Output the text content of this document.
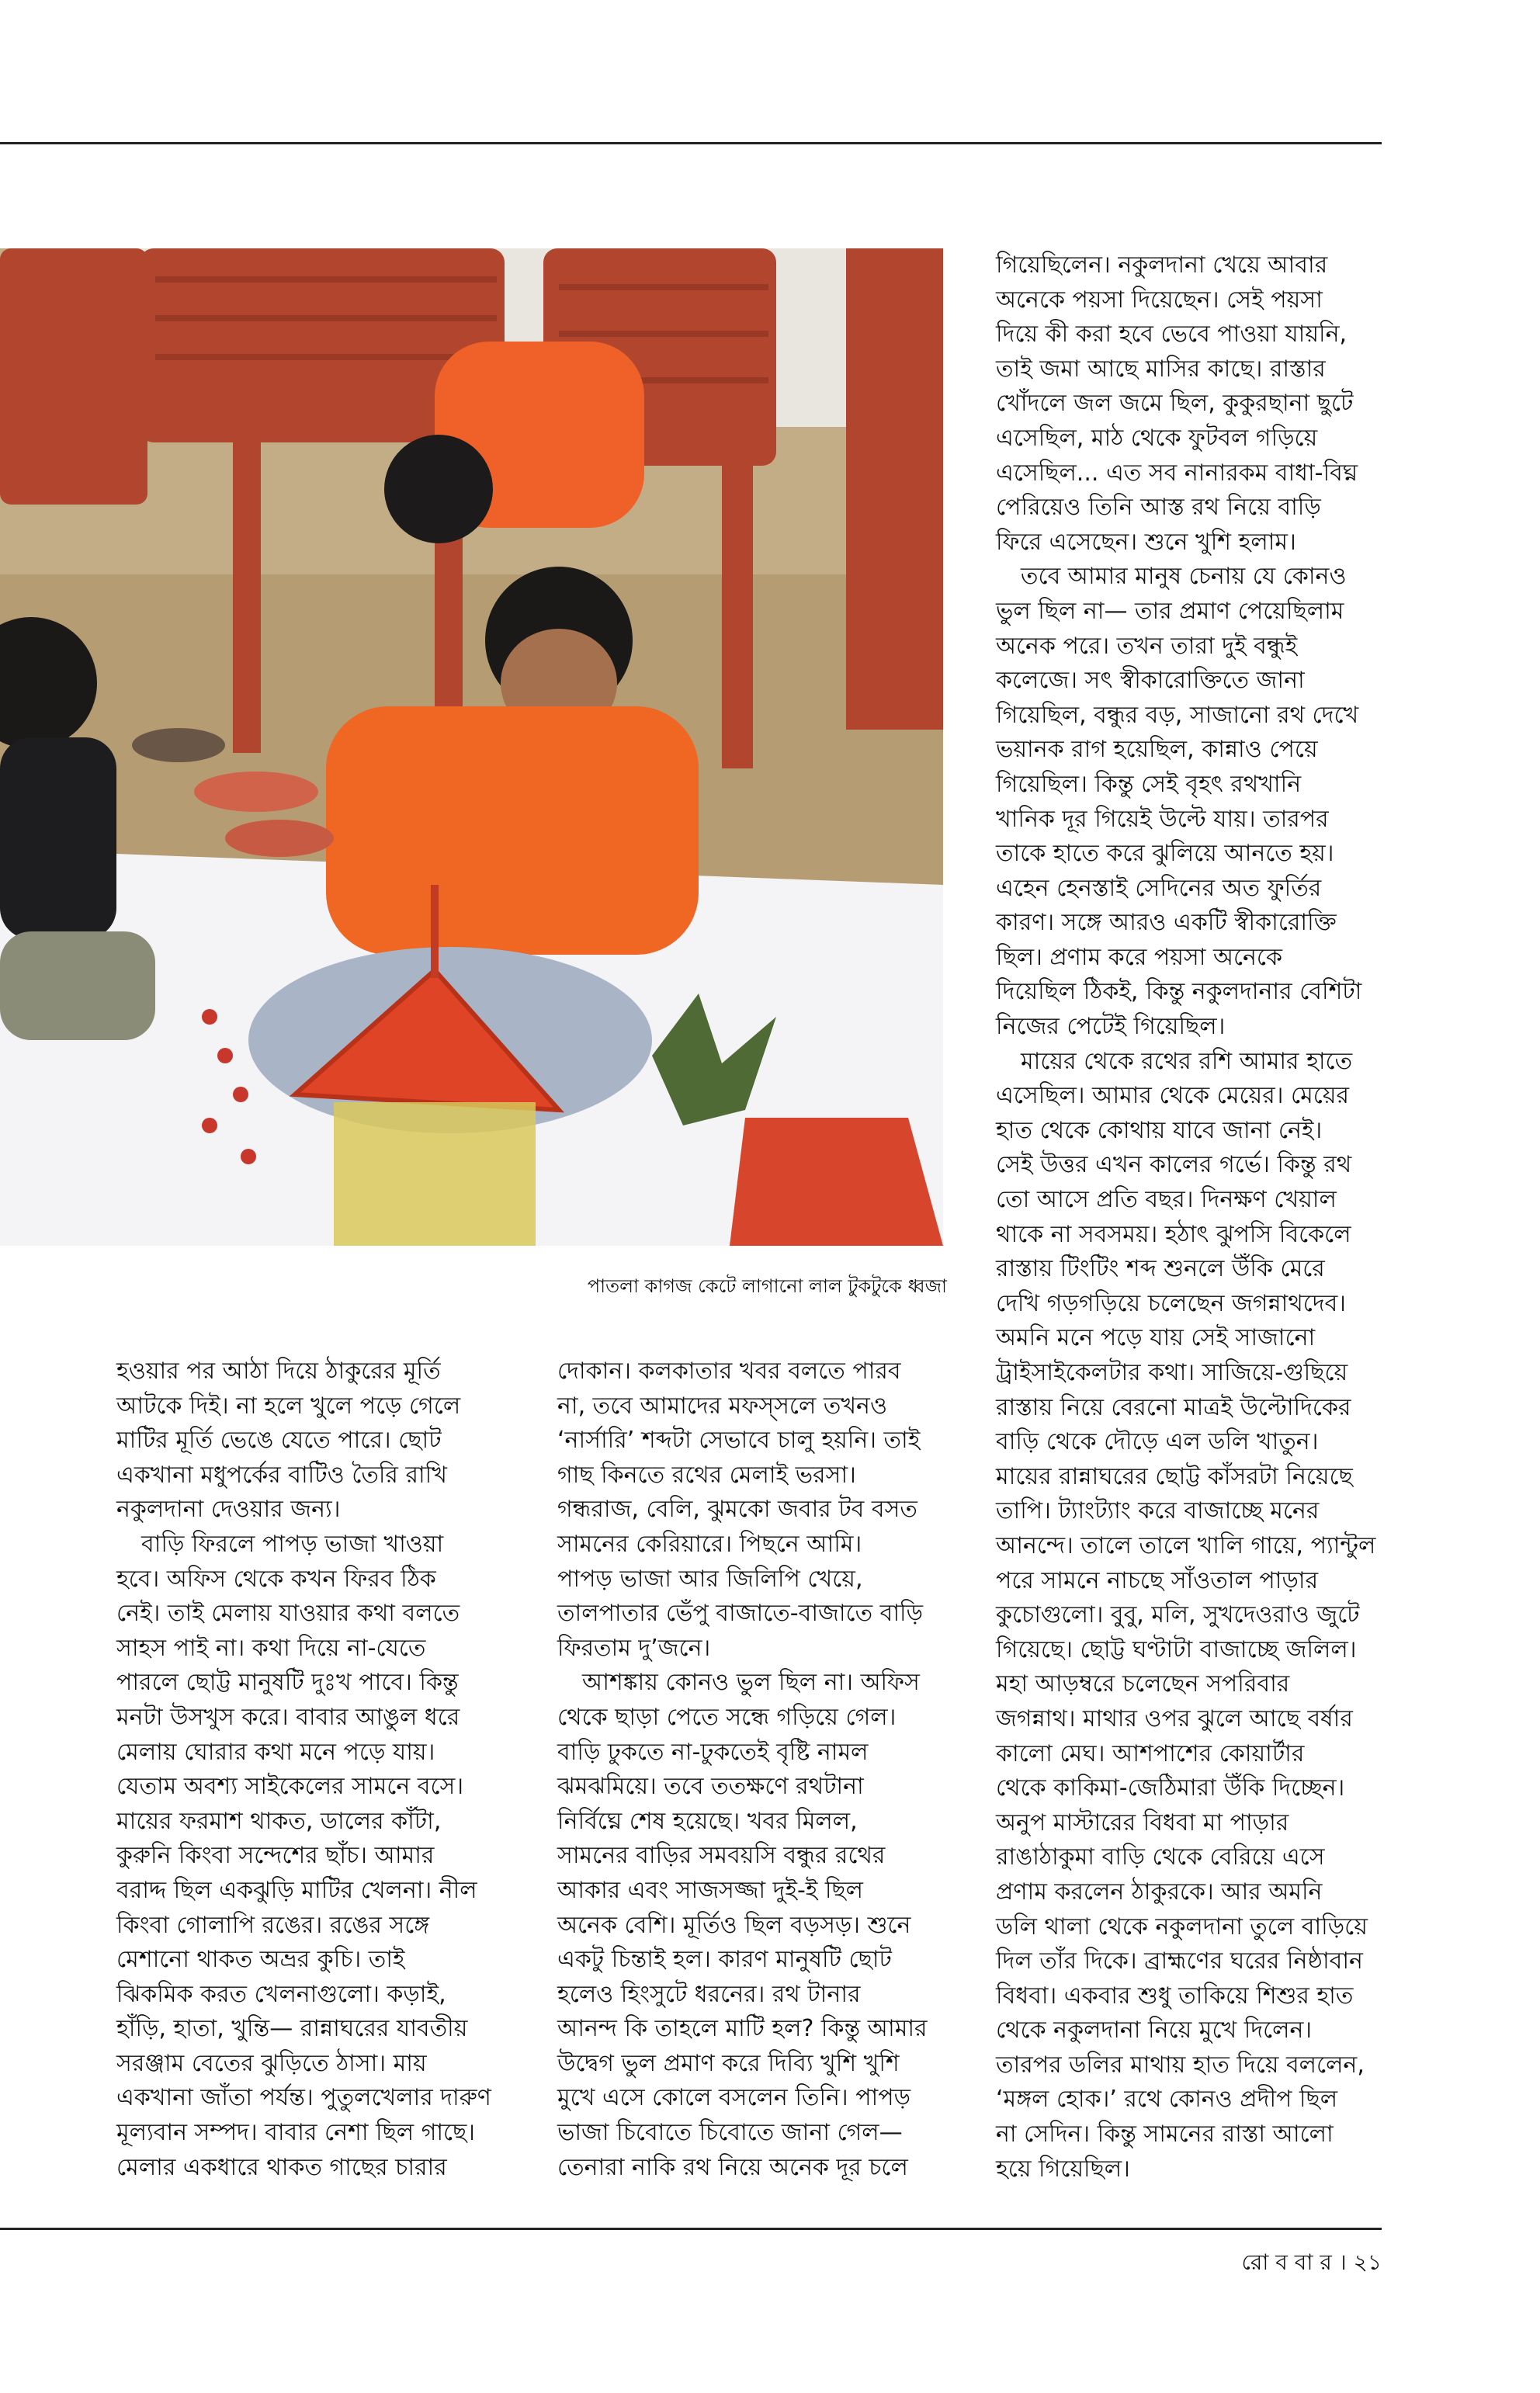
পাতলা কাগজ কেটে লাগানো লাল টুকটুকে ধ্বজা

গিয়েছিলেন। নকুলদানা খেয়ে আবার

অনেকে পয়সা দিয়েছেন। সেই পয়সা

দিয়ে কী করা হবে ভেবে পাওয়া যায়নি,

তাই জমা আছে মাসির কাছে। রাস্তার

খোঁদলে জল জমে ছিল, কুকুরছানা ছুটে

এসেছিল, মাঠ থেকে ফুটবল গড়িয়ে

এসেছিল... এত সব নানারকম বাধা-বিঘ্ন

পেরিয়েও তিনি আস্ত রথ নিয়ে বাড়ি

ফিরে এসেছেন। শুনে খুশি হলাম।

তবে আমার মানুষ চেনায় যে কোনও

ভুল ছিল না— তার প্রমাণ পেয়েছিলাম

অনেক পরে। তখন তারা দুই বন্ধুই

কলেজে। সৎ স্বীকারোক্তিতে জানা

গিয়েছিল, বন্ধুর বড়, সাজানো রথ দেখে

ভয়ানক রাগ হয়েছিল, কান্নাও পেয়ে

গিয়েছিল। কিন্তু সেই বৃহৎ রথখানি

খানিক দূর গিয়েই উল্টে যায়। তারপর

তাকে হাতে করে ঝুলিয়ে আনতে হয়।

এহেন হেনস্তাই সেদিনের অত ফুর্তির

কারণ। সঙ্গে আরও একটি স্বীকারোক্তি

ছিল। প্রণাম করে পয়সা অনেকে

দিয়েছিল ঠিকই, কিন্তু নকুলদানার বেশিটা

নিজের পেটেই গিয়েছিল।

মায়ের থেকে রথের রশি আমার হাতে

এসেছিল। আমার থেকে মেয়ের। মেয়ের

হাত থেকে কোথায় যাবে জানা নেই।

সেই উত্তর এখন কালের গর্ভে। কিন্তু রথ

তো আসে প্রতি বছর। দিনক্ষণ খেয়াল

থাকে না সবসময়। হঠাৎ ঝুপসি বিকেলে

রাস্তায় টিংটিং শব্দ শুনলে উঁকি মেরে

দেখি গড়গড়িয়ে চলেছেন জগন্নাথদেব।

অমনি মনে পড়ে যায় সেই সাজানো

ট্রাইসাইকেলটার কথা। সাজিয়ে-গুছিয়ে

রাস্তায় নিয়ে বেরনো মাত্রই উল্টোদিকের

বাড়ি থেকে দৌড়ে এল ডলি খাতুন।

মায়ের রান্নাঘরের ছোট্ট কাঁসরটা নিয়েছে

তাপি। ট্যাংট্যাং করে বাজাচ্ছে মনের

আনন্দে। তালে তালে খালি গায়ে, প্যান্টুল

পরে সামনে নাচছে সাঁওতাল পাড়ার

কুচোগুলো। বুবু, মলি, সুখদেওরাও জুটে

গিয়েছে। ছোট্ট ঘণ্টাটা বাজাচ্ছে জলিল।

মহা আড়ম্বরে চলেছেন সপরিবার

জগন্নাথ। মাথার ওপর ঝুলে আছে বর্ষার

কালো মেঘ। আশপাশের কোয়ার্টার

থেকে কাকিমা-জেঠিমারা উঁকি দিচ্ছেন।

অনুপ মাস্টারের বিধবা মা পাড়ার

রাঙাঠাকুমা বাড়ি থেকে বেরিয়ে এসে

প্রণাম করলেন ঠাকুরকে। আর অমনি

ডলি থালা থেকে নকুলদানা তুলে বাড়িয়ে

দিল তাঁর দিকে। ব্রাহ্মণের ঘরের নিষ্ঠাবান

বিধবা। একবার শুধু তাকিয়ে শিশুর হাত

থেকে নকুলদানা নিয়ে মুখে দিলেন।

তারপর ডলির মাথায় হাত দিয়ে বললেন,

‘মঙ্গল হোক।’ রথে কোনও প্রদীপ ছিল

না সেদিন। কিন্তু সামনের রাস্তা আলো

হয়ে গিয়েছিল।

হওয়ার পর আঠা দিয়ে ঠাকুরের মূর্তি

আটকে দিই। না হলে খুলে পড়ে গেলে

মাটির মূর্তি ভেঙে যেতে পারে। ছোট

একখানা মধুপর্কের বাটিও তৈরি রাখি

নকুলদানা দেওয়ার জন্য।

বাড়ি ফিরলে পাপড় ভাজা খাওয়া

হবে। অফিস থেকে কখন ফিরব ঠিক

নেই। তাই মেলায় যাওয়ার কথা বলতে

সাহস পাই না। কথা দিয়ে না-যেতে

পারলে ছোট্ট মানুষটি দুঃখ পাবে। কিন্তু

মনটা উসখুস করে। বাবার আঙুল ধরে

মেলায় ঘোরার কথা মনে পড়ে যায়।

যেতাম অবশ্য সাইকেলের সামনে বসে।

মায়ের ফরমাশ থাকত, ডালের কাঁটা,

কুরুনি কিংবা সন্দেশের ছাঁচ। আমার

বরাদ্দ ছিল একঝুড়ি মাটির খেলনা। নীল

কিংবা গোলাপি রঙের। রঙের সঙ্গে

মেশানো থাকত অভ্রর কুচি। তাই

ঝিকমিক করত খেলনাগুলো। কড়াই,

হাঁড়ি, হাতা, খুন্তি— রান্নাঘরের যাবতীয়

সরঞ্জাম বেতের ঝুড়িতে ঠাসা। মায়

একখানা জাঁতা পর্যন্ত। পুতুলখেলার দারুণ

মূল্যবান সম্পদ। বাবার নেশা ছিল গাছে।

মেলার একধারে থাকত গাছের চারার

দোকান। কলকাতার খবর বলতে পারব

না, তবে আমাদের মফস্‌সলে তখনও

‘নার্সারি’ শব্দটা সেভাবে চালু হয়নি। তাই

গাছ কিনতে রথের মেলাই ভরসা।

গন্ধরাজ, বেলি, ঝুমকো জবার টব বসত

সামনের কেরিয়ারে। পিছনে আমি।

পাপড় ভাজা আর জিলিপি খেয়ে,

তালপাতার ভেঁপু বাজাতে-বাজাতে বাড়ি

ফিরতাম দু’জনে।

আশঙ্কায় কোনও ভুল ছিল না। অফিস

থেকে ছাড়া পেতে সন্ধে গড়িয়ে গেল।

বাড়ি ঢুকতে না-ঢুকতেই বৃষ্টি নামল

ঝমঝমিয়ে। তবে ততক্ষণে রথটানা

নির্বিঘ্নে শেষ হয়েছে। খবর মিলল,

সামনের বাড়ির সমবয়সি বন্ধুর রথের

আকার এবং সাজসজ্জা দুই-ই ছিল

অনেক বেশি। মূর্তিও ছিল বড়সড়। শুনে

একটু চিন্তাই হল। কারণ মানুষটি ছোট

হলেও হিংসুটে ধরনের। রথ টানার

আনন্দ কি তাহলে মাটি হল? কিন্তু আমার

উদ্বেগ ভুল প্রমাণ করে দিব্যি খুশি খুশি

মুখে এসে কোলে বসলেন তিনি। পাপড়

ভাজা চিবোতে চিবোতে জানা গেল—

তেনারা নাকি রথ নিয়ে অনেক দূর চলে

রো ব বা র । ২১
